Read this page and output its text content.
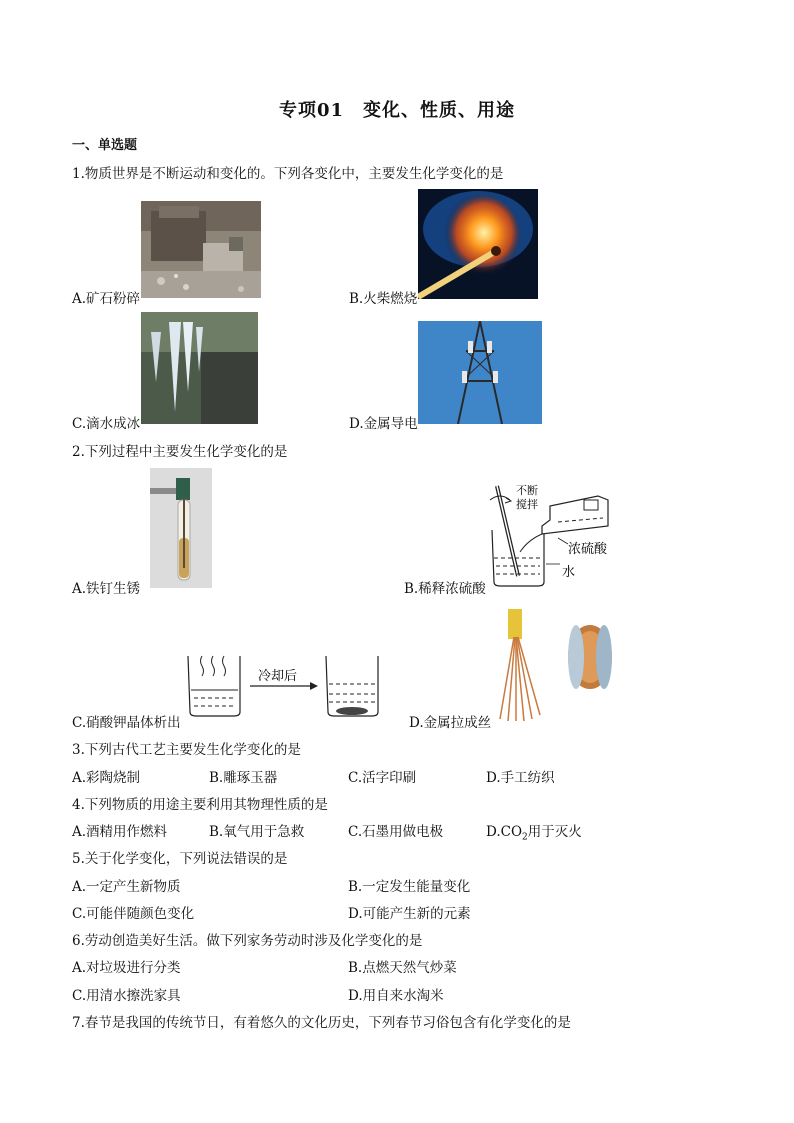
专项01　变化、性质、用途
一、单选题
1.物质世界是不断运动和变化的。下列各变化中，主要发生化学变化的是
A.矿石粉碎	B.火柴燃烧
C.滴水成冰	D.金属导电
2.下列过程中主要发生化学变化的是
A.铁钉生锈
不断
搅拌
浓硫酸
水
B.稀释浓硫酸
冷却后
C.硝酸钾晶体析出	D.金属拉成丝
3.下列古代工艺主要发生化学变化的是
A.彩陶烧制	B.雕琢玉器	C.活字印刷	D.手工纺织
4.下列物质的用途主要利用其物理性质的是
A.酒精用作燃料	B.氧气用于急救	C.石墨用做电极	$D.CO_2$用于灭火
5.关于化学变化，下列说法错误的是
A.一定产生新物质	B.一定发生能量变化
C.可能伴随颜色变化	D.可能产生新的元素
6.劳动创造美好生活。做下列家务劳动时涉及化学变化的是
A.对垃圾进行分类	B.点燃天然气炒菜
C.用清水擦洗家具	D.用自来水淘米
7.春节是我国的传统节日，有着悠久的文化历史，下列春节习俗包含有化学变化的是
